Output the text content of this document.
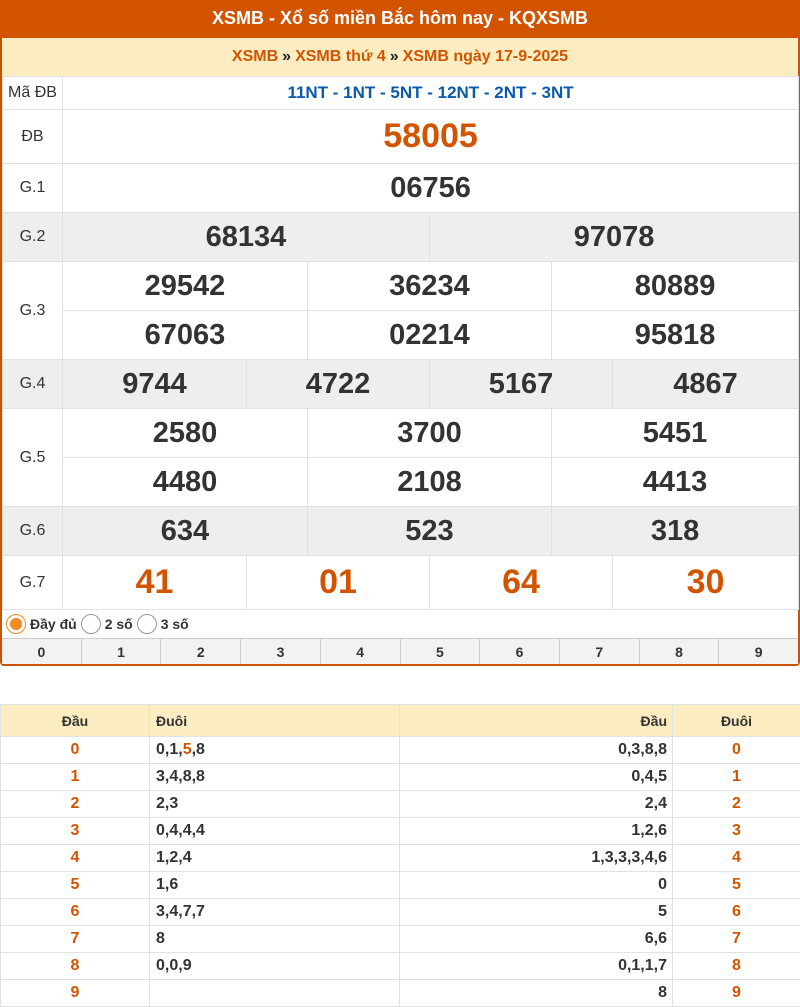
XSMB - Xổ số miền Bắc hôm nay - KQXSMB
XSMB » XSMB thứ 4 » XSMB ngày 17-9-2025
Mã ĐB	11NT - 1NT - 5NT - 12NT - 2NT - 3NT					
ĐB	58005					
G.1	06756					
G.2	68134			97078		
G.3	29542		36234		80889	
	67063		02214		95818	
G.4	9744	4722		5167		4867
G.5	2580		3700		5451	
	4480		2108		4413	
G.6	634		523		318	
G.7	41	01		64		30
Đầy đủ 2 số 3 số
0	1	2	3	4	5	6	7	8	9
Đầu	Đuôi	Đầu	Đuôi
0	0,1,5,8	0,3,8,8	0
1	3,4,8,8	0,4,5	1
2	2,3	2,4	2
3	0,4,4,4	1,2,6	3
4	1,2,4	1,3,3,3,4,6	4
5	1,6	0	5
6	3,4,7,7	5	6
7	8	6,6	7
8	0,0,9	0,1,1,7	8
9		8	9
